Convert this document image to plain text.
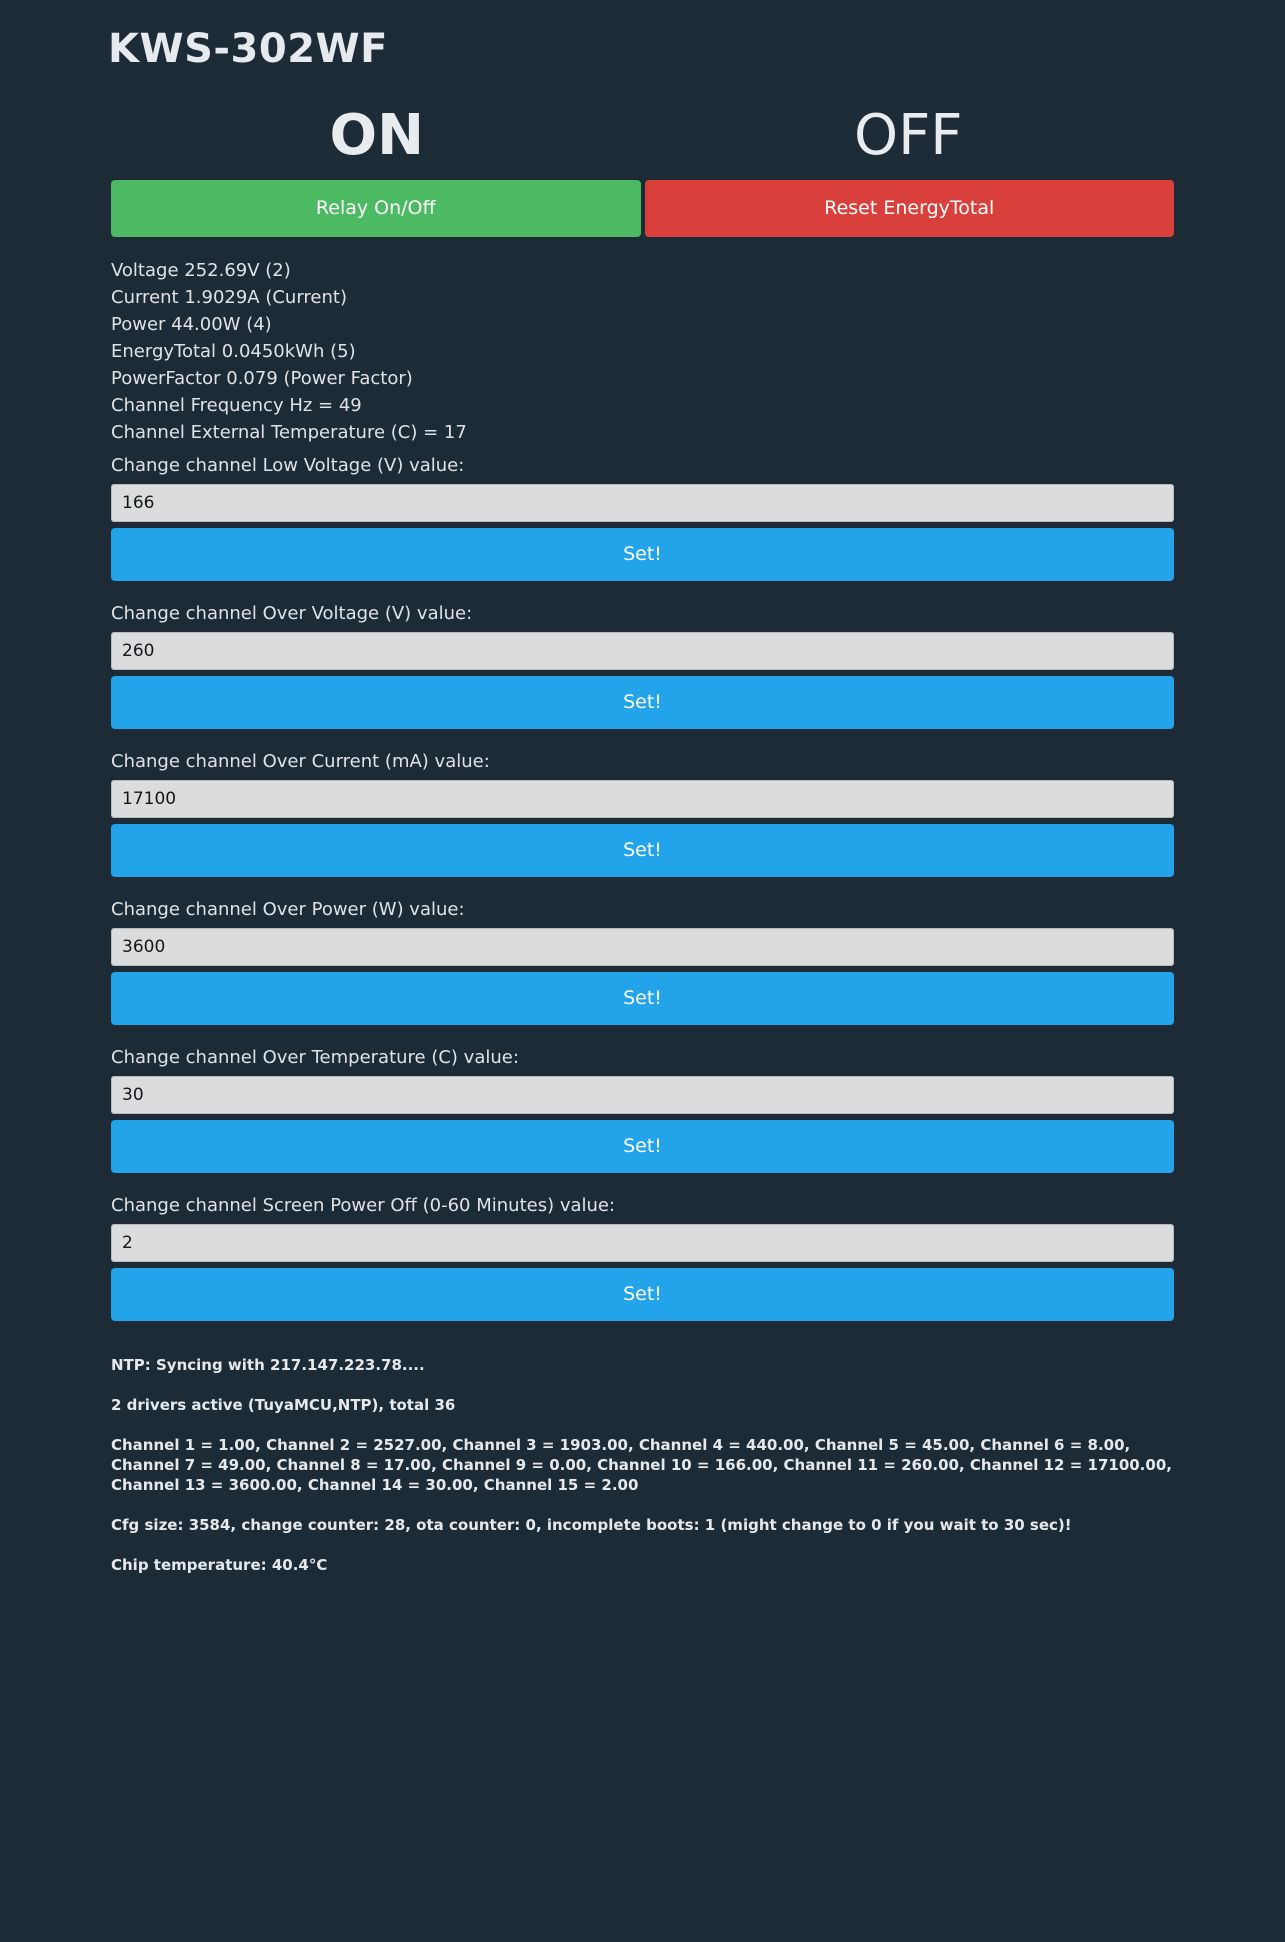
KWS-302WF
ON	OFF
Relay On/Off	Reset EnergyTotal
Voltage 252.69V (2)
Current 1.9029A (Current)
Power 44.00W (4)
EnergyTotal 0.0450kWh (5)
PowerFactor 0.079 (Power Factor)
Channel Frequency Hz = 49
Channel External Temperature (C) = 17
Change channel Low Voltage (V) value:
166
Set!
Change channel Over Voltage (V) value:
260
Set!
Change channel Over Current (mA) value:
17100
Set!
Change channel Over Power (W) value:
3600
Set!
Change channel Over Temperature (C) value:
30
Set!
Change channel Screen Power Off (0-60 Minutes) value:
2
Set!

NTP: Syncing with 217.147.223.78....

2 drivers active (TuyaMCU,NTP), total 36

Channel 1 = 1.00, Channel 2 = 2527.00, Channel 3 = 1903.00, Channel 4 = 440.00, Channel 5 = 45.00, Channel 6 = 8.00, Channel 7 = 49.00, Channel 8 = 17.00, Channel 9 = 0.00, Channel 10 = 166.00, Channel 11 = 260.00, Channel 12 = 17100.00, Channel 13 = 3600.00, Channel 14 = 30.00, Channel 15 = 2.00

Cfg size: 3584, change counter: 28, ota counter: 0, incomplete boots: 1 (might change to 0 if you wait to 30 sec)!

Chip temperature: 40.4°C
